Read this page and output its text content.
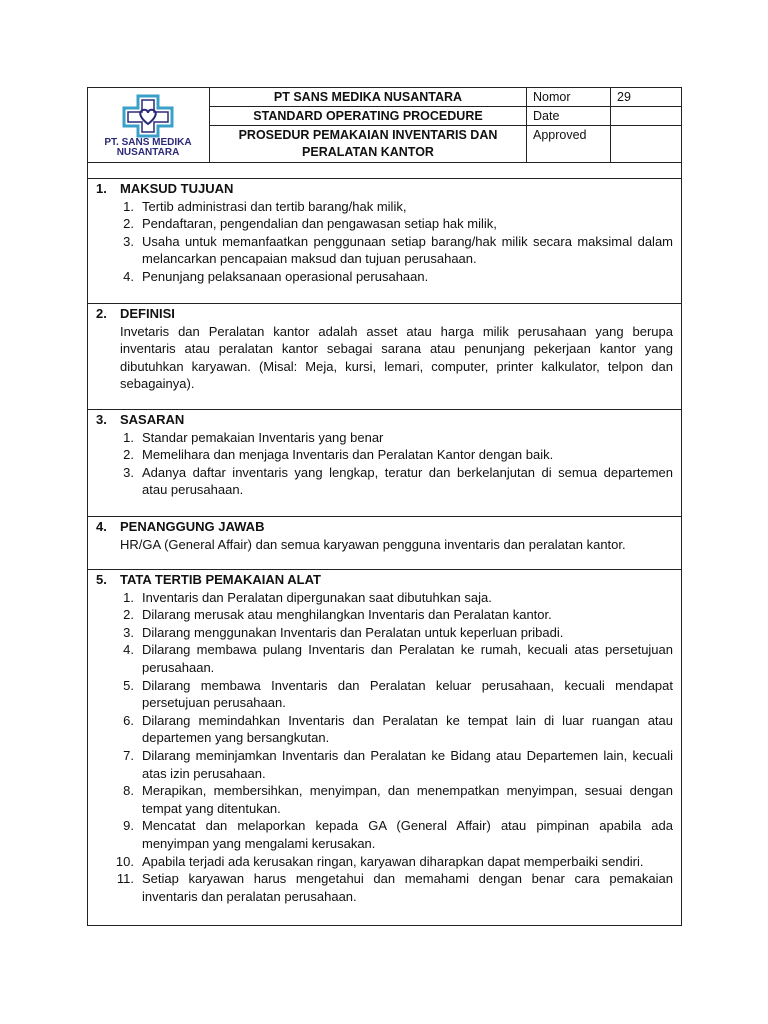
PT. SANS MEDIKA
NUSANTARA
PT SANS MEDIKA NUSANTARA	Nomor	29
STANDARD OPERATING PROCEDURE	Date
PROSEDUR PEMAKAIAN INVENTARIS DAN
PERALATAN KANTOR
Approved
1.	MAKSUD TUJUAN
1. Tertib administrasi dan tertib barang/hak milik,
2. Pendaftaran, pengendalian dan pengawasan setiap hak milik,
3. Usaha untuk memanfaatkan penggunaan setiap barang/hak milik secara maksimal dalam melancarkan pencapaian maksud dan tujuan perusahaan.
4. Penunjang pelaksanaan operasional perusahaan.
2.	DEFINISI
Invetaris dan Peralatan kantor adalah asset atau harga milik perusahaan yang berupa inventaris atau peralatan kantor sebagai sarana atau penunjang pekerjaan kantor yang dibutuhkan karyawan. (Misal: Meja, kursi, lemari, computer, printer kalkulator, telpon dan sebagainya).
3.	SASARAN
1. Standar pemakaian Inventaris yang benar
2. Memelihara dan menjaga Inventaris dan Peralatan Kantor dengan baik.
3. Adanya daftar inventaris yang lengkap, teratur dan berkelanjutan di semua departemen atau perusahaan.
4.	PENANGGUNG JAWAB
HR/GA (General Affair) dan semua karyawan pengguna inventaris dan peralatan kantor.
5.	TATA TERTIB PEMAKAIAN ALAT
1. Inventaris dan Peralatan dipergunakan saat dibutuhkan saja.
2. Dilarang merusak atau menghilangkan Inventaris dan Peralatan kantor.
3. Dilarang menggunakan Inventaris dan Peralatan untuk keperluan pribadi.
4. Dilarang membawa pulang Inventaris dan Peralatan ke rumah, kecuali atas persetujuan perusahaan.
5. Dilarang membawa Inventaris dan Peralatan keluar perusahaan, kecuali mendapat persetujuan perusahaan.
6. Dilarang memindahkan Inventaris dan Peralatan ke tempat lain di luar ruangan atau departemen yang bersangkutan.
7. Dilarang meminjamkan Inventaris dan Peralatan ke Bidang atau Departemen lain, kecuali atas izin perusahaan.
8. Merapikan, membersihkan, menyimpan, dan menempatkan menyimpan, sesuai dengan tempat yang ditentukan.
9. Mencatat dan melaporkan kepada GA (General Affair) atau pimpinan apabila ada menyimpan yang mengalami kerusakan.
10. Apabila terjadi ada kerusakan ringan, karyawan diharapkan dapat memperbaiki sendiri.
11. Setiap karyawan harus mengetahui dan memahami dengan benar cara pemakaian inventaris dan peralatan perusahaan.
